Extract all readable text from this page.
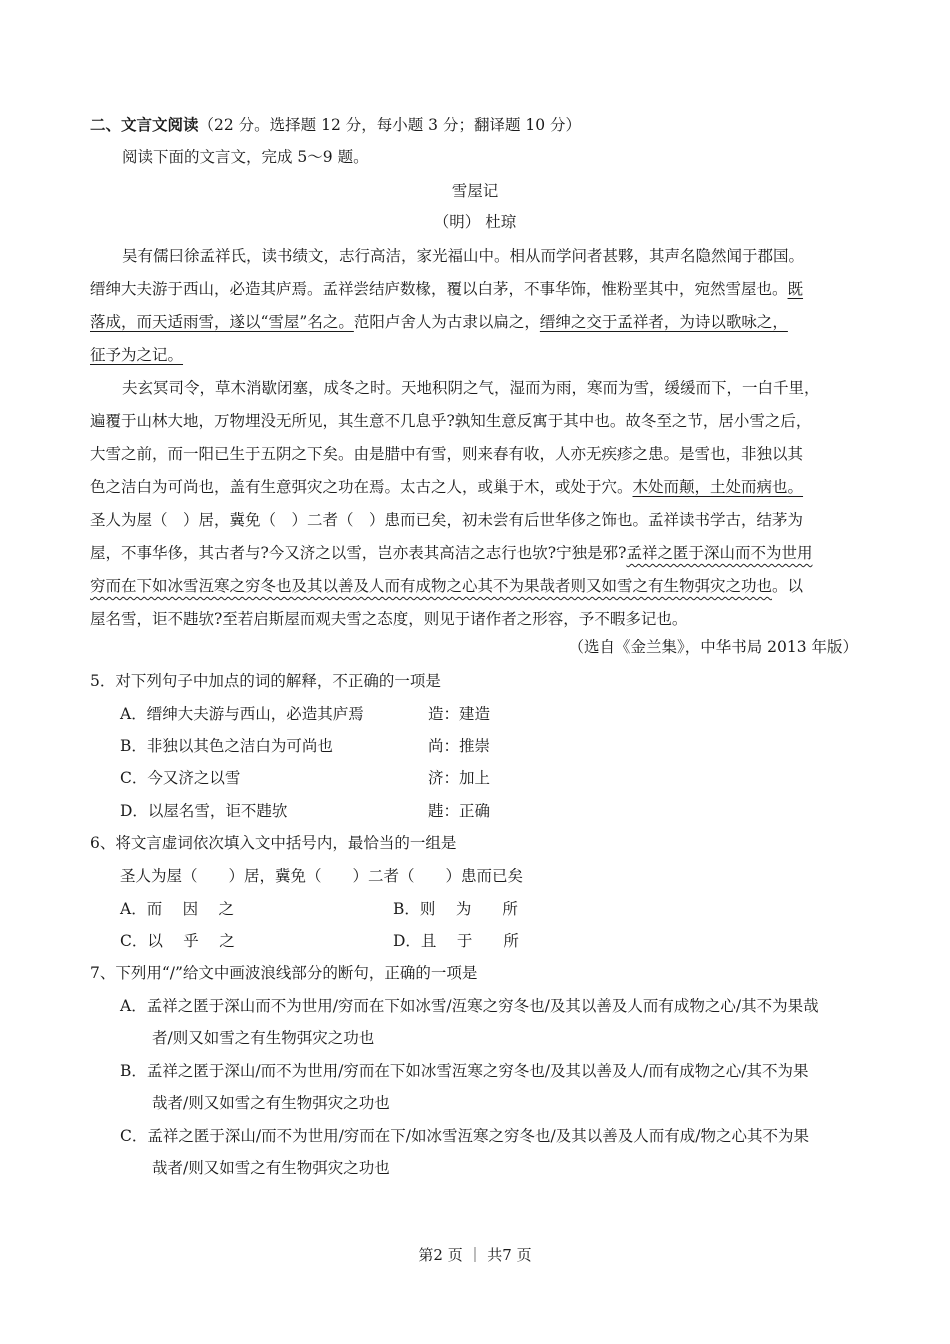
二、文言文阅读（22 分。选择题 12 分，每小题 3 分；翻译题 10 分）
阅读下面的文言文，完成 5～9 题。
雪屋记
（明） 杜琼
吴有儒曰徐孟祥氏，读书绩文，志行高洁，家光福山中。相从而学问者甚夥，其声名隐然闻于郡国。
缙绅大夫游于西山，必造其庐焉。孟祥尝结庐数椽，覆以白茅，不事华饰，惟粉垩其中，宛然雪屋也。既
落成，而天适雨雪，遂以“雪屋”名之。范阳卢舍人为古隶以扁之，缙绅之交于孟祥者，为诗以歌咏之，
征予为之记。
夫玄冥司令，草木消歇闭塞，成冬之时。天地积阴之气，湿而为雨，寒而为雪，缓缓而下，一白千里，
遍覆于山林大地，万物埋没无所见，其生意不几息乎?孰知生意反寓于其中也。故冬至之节，居小雪之后，
大雪之前，而一阳已生于五阴之下矣。由是腊中有雪，则来春有收，人亦无疾疹之患。是雪也，非独以其
色之洁白为可尚也，盖有生意弭灾之功在焉。太古之人，或巢于木，或处于穴。木处而颠，土处而病也。
圣人为屋（　）居，冀免（　）二者（　）患而已矣，初未尝有后世华侈之饰也。孟祥读书学古，结茅为
屋，不事华侈，其古者与?今又济之以雪，岂亦表其高洁之志行也欤?宁独是邪?孟祥之匿于深山而不为世用
穷而在下如冰雪沍寒之穷冬也及其以善及人而有成物之心其不为果哉者则又如雪之有生物弭灾之功也。以
屋名雪，讵不韪欤?至若启斯屋而观夫雪之态度，则见于诸作者之形容，予不暇多记也。
（选自《金兰集》，中华书局 2013 年版）
5．对下列句子中加点的词的解释，不正确的一项是
A．缙绅大夫游与西山，必造其庐焉	造：建造
B．非独以其色之洁白为可尚也	尚：推崇
C．今又济之以雪	济：加上
D．以屋名雪，讵不韪欤	韪：正确
6、将文言虚词依次填入文中括号内，最恰当的一组是
圣人为屋（　　）居，冀免（　　）二者（　　）患而已矣
A．而　 因　 之	B．则　 为　　所
C．以　 乎　 之	D．且　 于　　所
7、下列用“/”给文中画波浪线部分的断句，正确的一项是
A．孟祥之匿于深山而不为世用/穷而在下如冰雪/沍寒之穷冬也/及其以善及人而有成物之心/其不为果哉
者/则又如雪之有生物弭灾之功也
B．孟祥之匿于深山/而不为世用/穷而在下如冰雪沍寒之穷冬也/及其以善及人/而有成物之心/其不为果
哉者/则又如雪之有生物弭灾之功也
C．孟祥之匿于深山/而不为世用/穷而在下/如冰雪沍寒之穷冬也/及其以善及人而有成/物之心其不为果
哉者/则又如雪之有生物弭灾之功也
第2 页 ｜ 共7 页
